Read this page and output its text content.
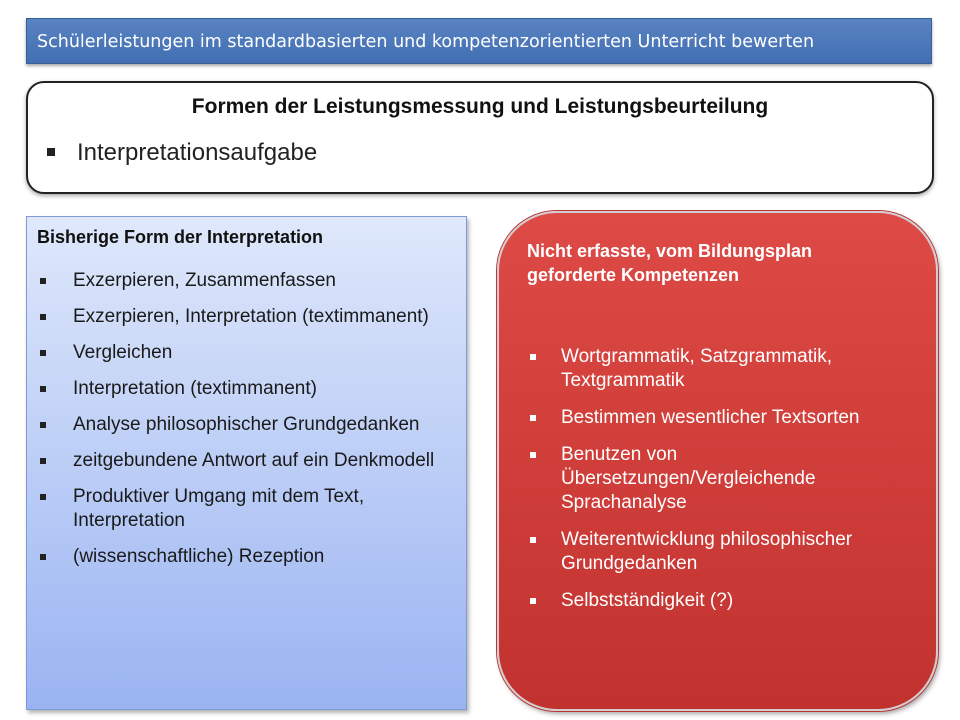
Schülerleistungen im standardbasierten und kompetenzorientierten Unterricht bewerten
Formen der Leistungsmessung und Leistungsbeurteilung
Interpretationsaufgabe
Bisherige Form der Interpretation
Exzerpieren, Zusammenfassen
Exzerpieren, Interpretation (textimmanent)
Vergleichen
Interpretation (textimmanent)
Analyse philosophischer Grundgedanken
zeitgebundene Antwort auf ein Denkmodell
Produktiver Umgang mit dem Text, Interpretation
(wissenschaftliche) Rezeption
Nicht erfasste, vom Bildungsplan geforderte Kompetenzen
Wortgrammatik, Satzgrammatik, Textgrammatik
Bestimmen wesentlicher Textsorten
Benutzen von Übersetzungen/Vergleichende Sprachanalyse
Weiterentwicklung philosophischer Grundgedanken
Selbstständigkeit (?)
